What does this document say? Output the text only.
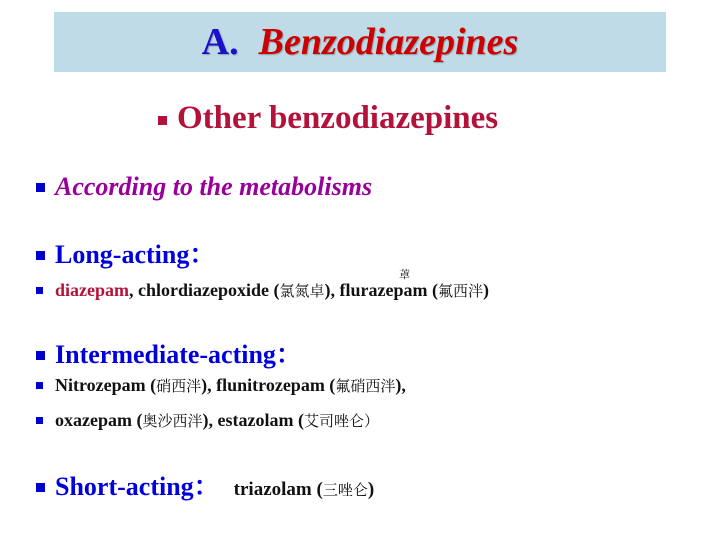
A. Benzodiazepines
Other benzodiazepines
According to the metabolisms
Long-acting：
䓬
diazepam , chlordiazepoxide ( 氯氮卓 ), flurazepam ( 氟西泮 )
Intermediate-acting：
Nitrozepam ( 硝西泮 ), flunitrozepam ( 氟硝西泮 ),
oxazepam ( 奥沙西泮 ), estazolam ( 艾司唑仑）
Short-acting： triazolam ( 三唑仑 )
